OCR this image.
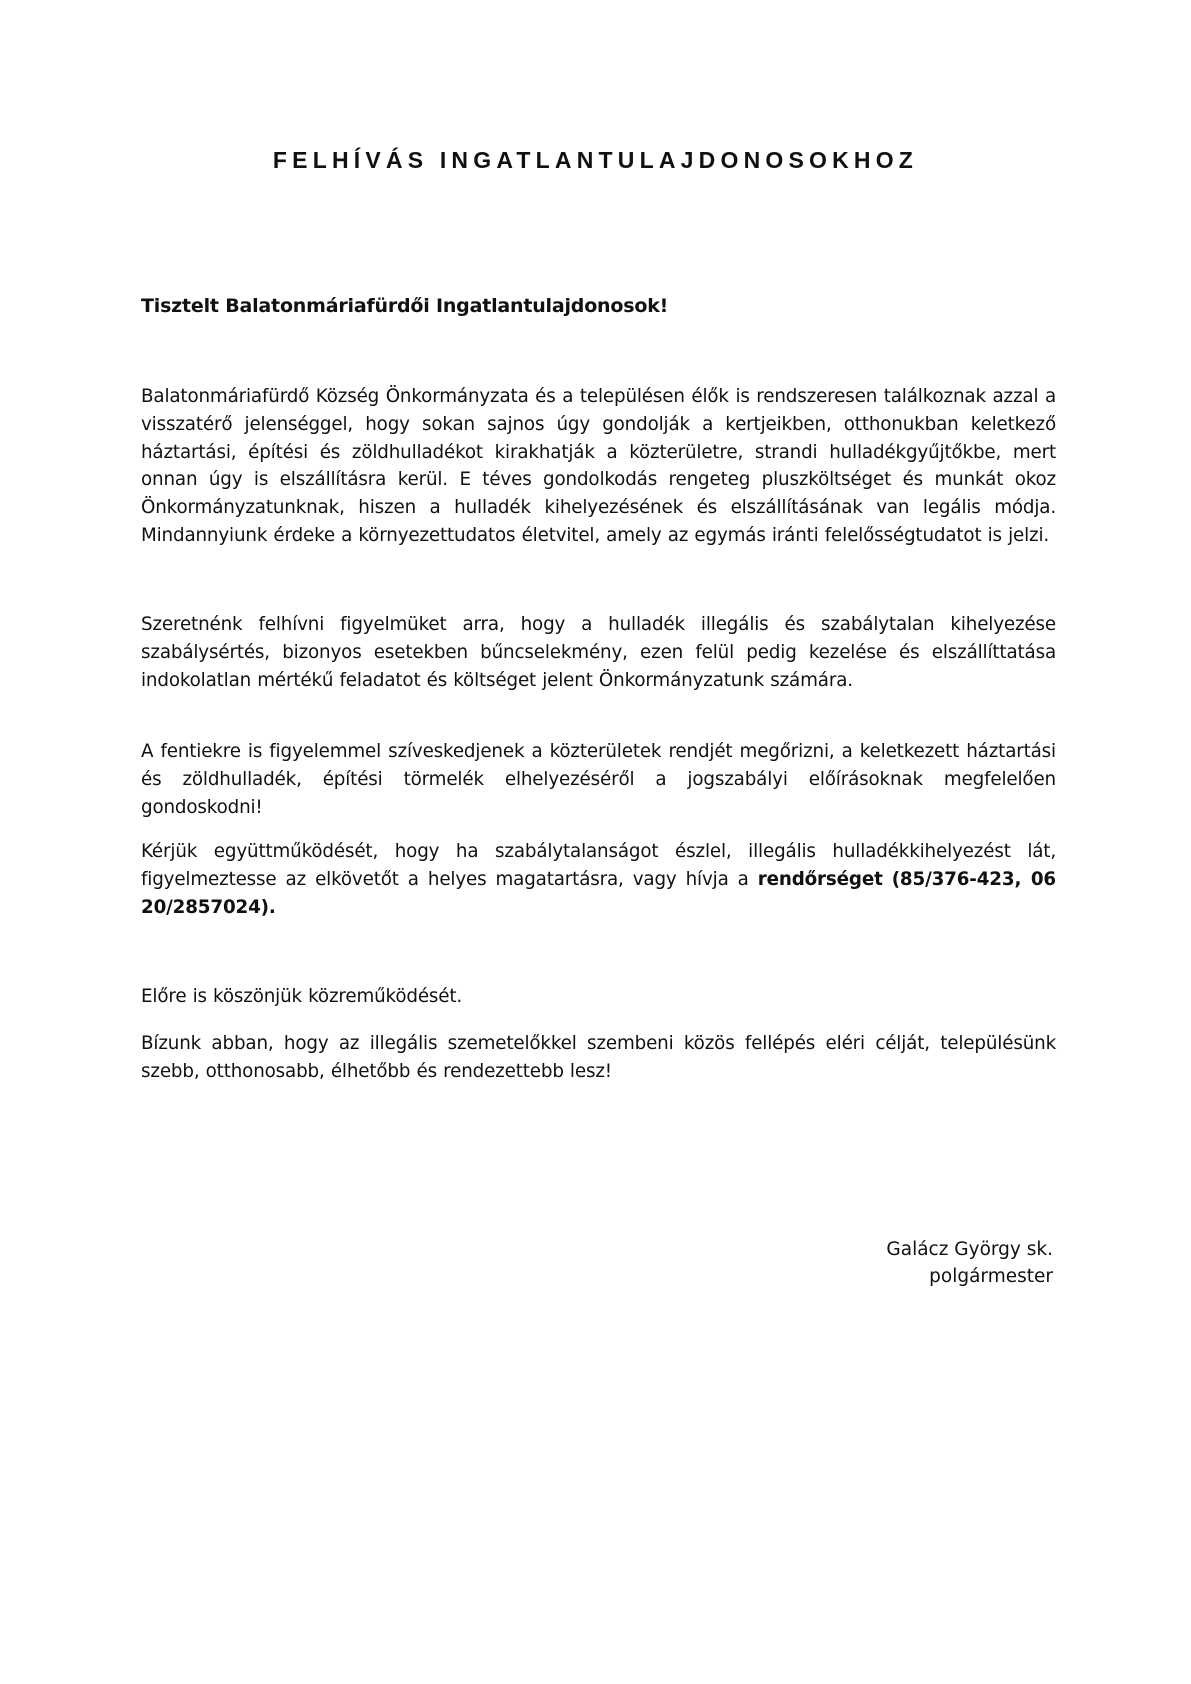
FELHÍVÁS INGATLANTULAJDONOSOKHOZ
Tisztelt Balatonmáriafürdői Ingatlantulajdonosok!

Balatonmáriafürdő Község Önkormányzata és a településen élők is rendszeresen találkoznak azzal a visszatérő jelenséggel, hogy sokan sajnos úgy gondolják a kertjeikben, otthonukban keletkező háztartási, építési és zöldhulladékot kirakhatják a közterületre, strandi hulladékgyűjtőkbe, mert onnan úgy is elszállításra kerül. E téves gondolkodás rengeteg pluszköltséget és munkát okoz Önkormányzatunknak, hiszen a hulladék kihelyezésének és elszállításának van legális módja. Mindannyiunk érdeke a környezettudatos életvitel, amely az egymás iránti felelősségtudatot is jelzi.

Szeretnénk felhívni figyelmüket arra, hogy a hulladék illegális és szabálytalan kihelyezése szabálysértés, bizonyos esetekben bűncselekmény, ezen felül pedig kezelése és elszállíttatása indokolatlan mértékű feladatot és költséget jelent Önkormányzatunk számára.

A fentiekre is figyelemmel szíveskedjenek a közterületek rendjét megőrizni, a keletkezett háztartási és zöldhulladék, építési törmelék elhelyezéséről a jogszabályi előírásoknak megfelelően gondoskodni!

Kérjük együttműködését, hogy ha szabálytalanságot észlel, illegális hulladékkihelyezést lát, figyelmeztesse az elkövetőt a helyes magatartásra, vagy hívja a rendőrséget (85/376-423, 06 20/2857024).

Előre is köszönjük közreműködését.

Bízunk abban, hogy az illegális szemetelőkkel szembeni közös fellépés eléri célját, településünk szebb, otthonosabb, élhetőbb és rendezettebb lesz!

Galácz György sk.
polgármester
